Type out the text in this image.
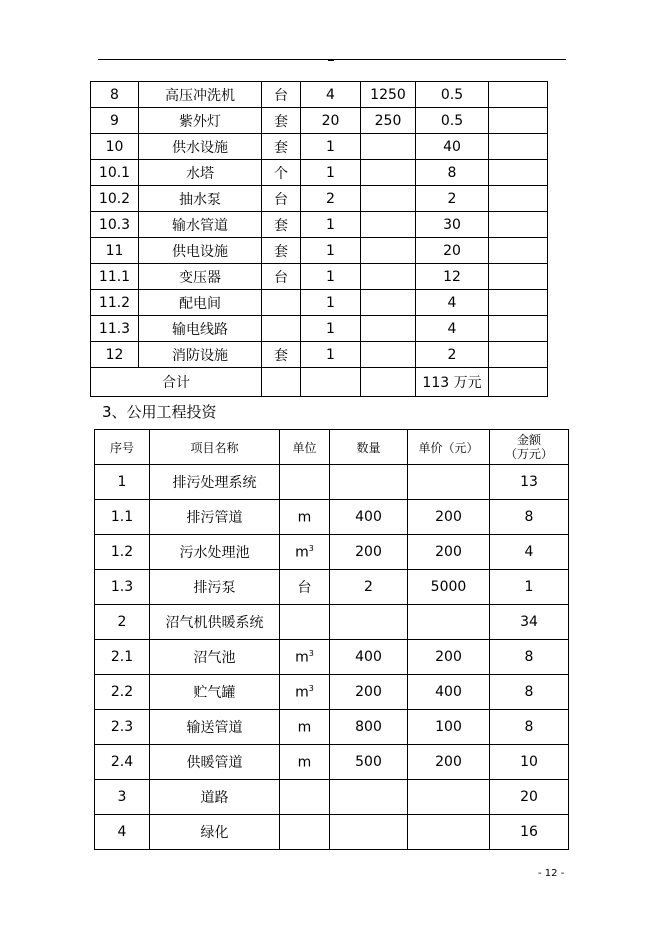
8	高压冲洗机	台	4	1250	0.5	
9	紫外灯	套	20	250	0.5	
10	供水设施	套	1		40	
10.1	水塔	个	1		8	
10.2	抽水泵	台	2		2	
10.3	输水管道	套	1		30	
11	供电设施	套	1		20	
11.1	变压器	台	1		12	
11.2	配电间		1		4	
11.3	输电线路		1		4	
12	消防设施	套	1		2	
合计					113 万元	
3、公用工程投资
序号	项目名称	单位	数量	单价（元）	金额
（万元）
1	排污处理系统				13
1.1	排污管道	m	400	200	8
1.2	污水处理池	$m^3$	200	200	4
1.3	排污泵	台	2	5000	1
2	沼气机供暖系统				34
2.1	沼气池	$m^3$	400	200	8
2.2	贮气罐	$m^3$	200	400	8
2.3	输送管道	m	800	100	8
2.4	供暖管道	m	500	200	10
3	道路				20
4	绿化				16
- 12 -
